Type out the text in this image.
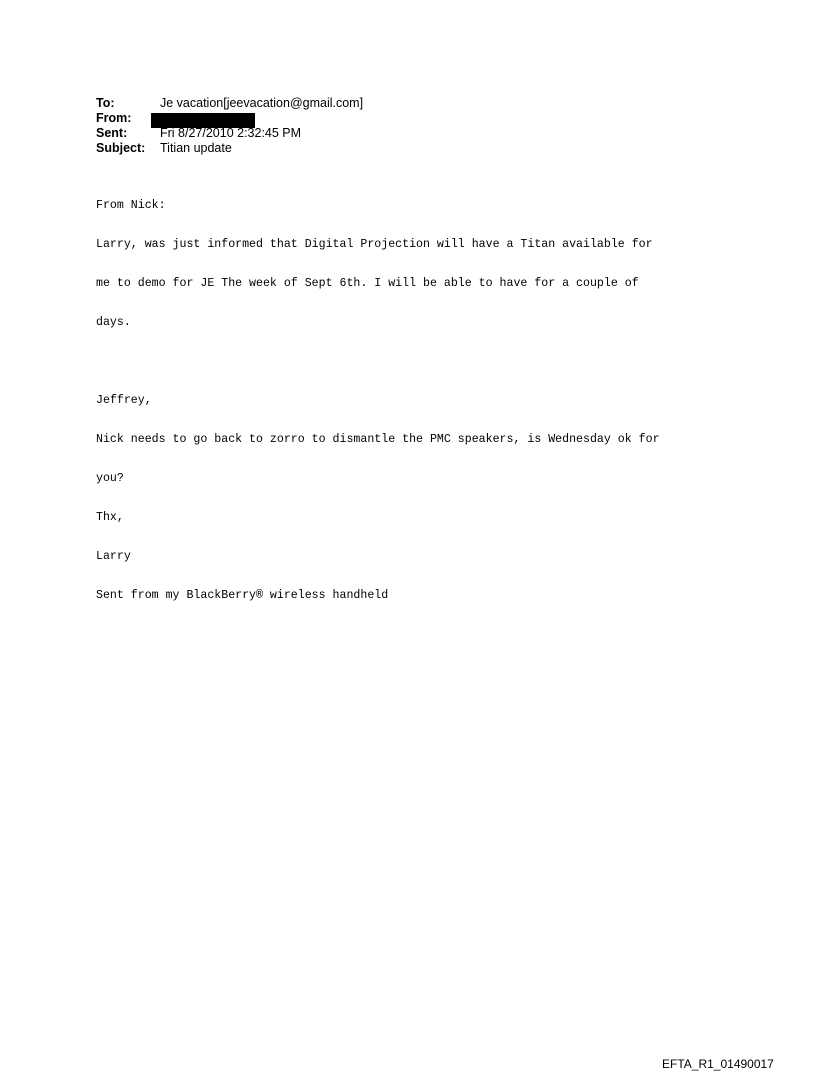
To:	Je vacation[jeevacation@gmail.com]
From:

Sent:	Fri 8/27/2010 2:32:45 PM
Subject: Titian update

From Nick:

Larry, was just informed that Digital Projection will have a Titan available for

me to demo for JE The week of Sept 6th. I will be able to have for a couple of

days.

Jeffrey,

Nick needs to go back to zorro to dismantle the PMC speakers, is Wednesday ok for

you?

Thx,

Larry

Sent from my BlackBerry® wireless handheld

EFTA_R1_01490017
